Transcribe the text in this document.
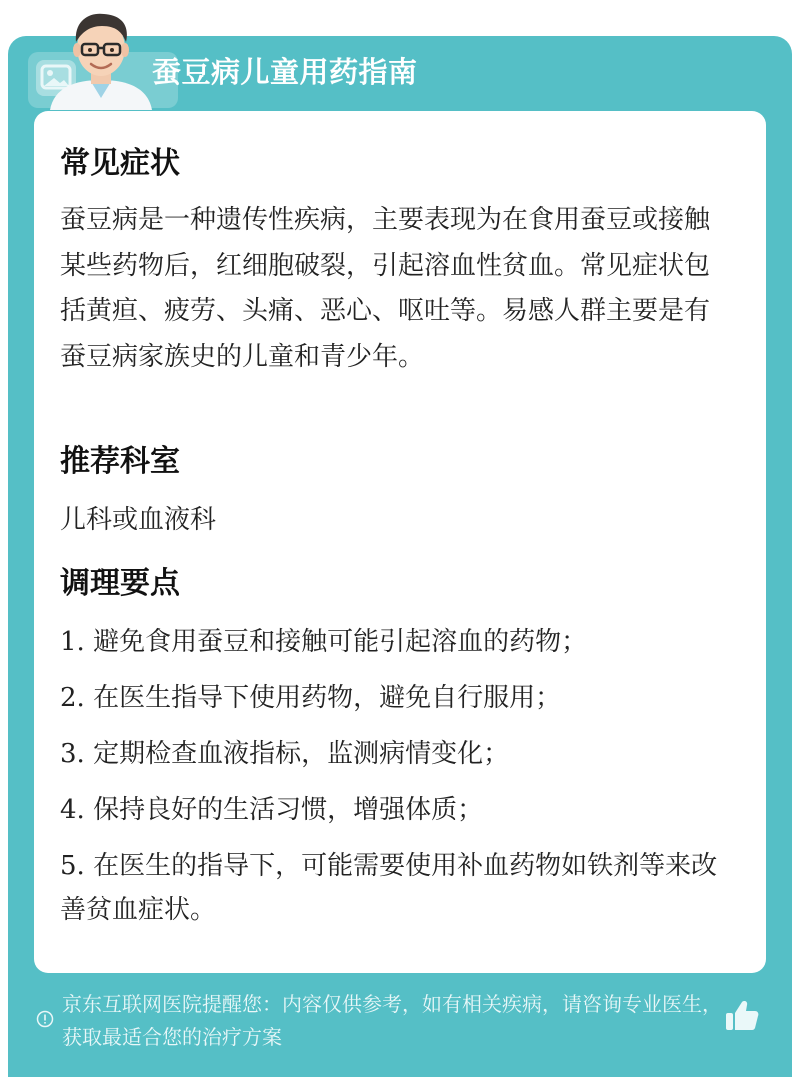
蚕豆病儿童用药指南
常见症状
蚕豆病是一种遗传性疾病，主要表现为在食用蚕豆或接触某些药物后，红细胞破裂，引起溶血性贫血。常见症状包括黄疸、疲劳、头痛、恶心、呕吐等。易感人群主要是有蚕豆病家族史的儿童和青少年。
推荐科室
儿科或血液科
调理要点
1. 避免食用蚕豆和接触可能引起溶血的药物；
2. 在医生指导下使用药物，避免自行服用；
3. 定期检查血液指标，监测病情变化；
4. 保持良好的生活习惯，增强体质；
5. 在医生的指导下，可能需要使用补血药物如铁剂等来改善贫血症状。
京东互联网医院提醒您：内容仅供参考，如有相关疾病，请咨询专业医生，获取最适合您的治疗方案
